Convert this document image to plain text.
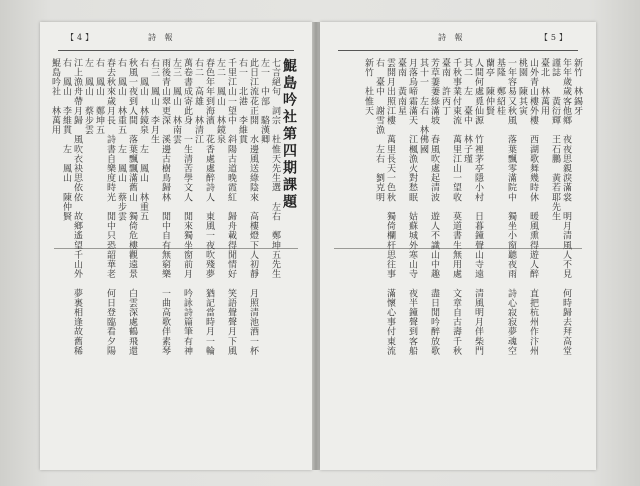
【4】	詩 報
鯤島吟社第四期課題
七言絕句　詞宗　杜惟天先生選　左右　鄭坤五先生
左一　中部　駱漢卿
此日江流花正開　水邊風送綠陰來　高樓燈下人初靜　月照清池酒一杯
右一　北港　李維貫
千里江山一望中　斜陽古道晚霞紅　歸舟載得閒情好　笑語聲聲月下風
左二　鳳山　林鏡泉
春色年年到海濱　花香處處醉詩人　東風一夜吹殘夢　猶記當時月一輪
右二　高雄　林清江
萬卷書成寄此身　一生清苦學文人　閒來獨坐窗前月　吟詠詩篇筆有神
左三　鳳山　林南雲
雨後青山翠更深　溪邊古樹鳥歸林　閒中自有無窮樂　一曲高歌伴素琴
右三　鳳山　李月生
右　鳳山　林鏡泉　左　鳳山　林重五
秋風一夜到人間　落葉飄飄滿舊山　獨倚危樓觀遠景　白雲深處鶴飛還
右　鳳山　林重五　左　鳳山　蔡步雲
春去秋來歲月長　詩書自樂度時光　閒中只恐韶華老　何日登臨看夕陽
右　鳳山　鄭坤五
左　鳳山　蔡步雲
江上漁舟帶月歸　風吹衣袂思依依　故鄉遙望千山外　夢裏相逢故舊稀
右　鳳山　李維貫　左　鳳山　陳仲賢
鯤島吟社　林萬用
詩 報	【5】
新竹　林錫牙
年年歲歲客他鄉　夜夜思親淚滿裳　明月清風人不見　何時歸去拜高堂
謹誌　　黃衍輝　王石鵬　黃若耶先生
臺北　林萬用
山外青山樓外樓　西湖歌舞幾時休　暖風熏得遊人醉　直把杭州作汴州
桃園　陳其寅
一年容易又秋風　落葉飄零滿院中　獨坐小窗聽夜雨　詩心寂寂夢魂空
基隆　鄭紹桂
蘭亭　陳仲賢
人間何處覓仙源　竹裡茅亭隱小村　日暮鐘聲山寺遠　清風明月伴柴門
其二　左　臺中　林子瑾
千秋事業付東流　萬里江山一望收　莫道書生無用處　文章自古壽千秋
臺南　許丙丁
芳草萋萋綠滿坡　春風吹處起清波　遊人不識山中趣　盡日閒吟醉放歌
其十一　左右　林佛國
月落烏啼霜滿天　江楓漁火對愁眠　姑蘇城外寒山寺　夜半鐘聲到客船
臺南　黃南星
雲開月出照江樓　萬里長天一色秋　獨倚欄杆思往事　滿懷心事付東流
右　臺中　謝雪漁　左右　劉克明
新竹　杜惟天
